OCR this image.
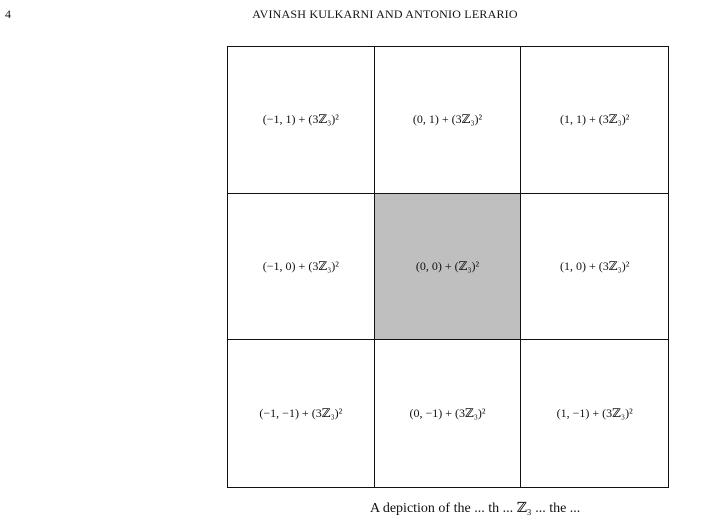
4	AVINASH KULKARNI AND ANTONIO LERARIO
(−1, 1) + (3ℤ₃)²	(0, 1) + (3ℤ₃)²	(1, 1) + (3ℤ₃)²
(−1, 0) + (3ℤ₃)²	(0, 0) + (ℤ₃)²	(1, 0) + (3ℤ₃)²
(−1, −1) + (3ℤ₃)²	(0, −1) + (3ℤ₃)²	(1, −1) + (3ℤ₃)²
A depiction of the ... th ... ℤ₃ ... the ...
